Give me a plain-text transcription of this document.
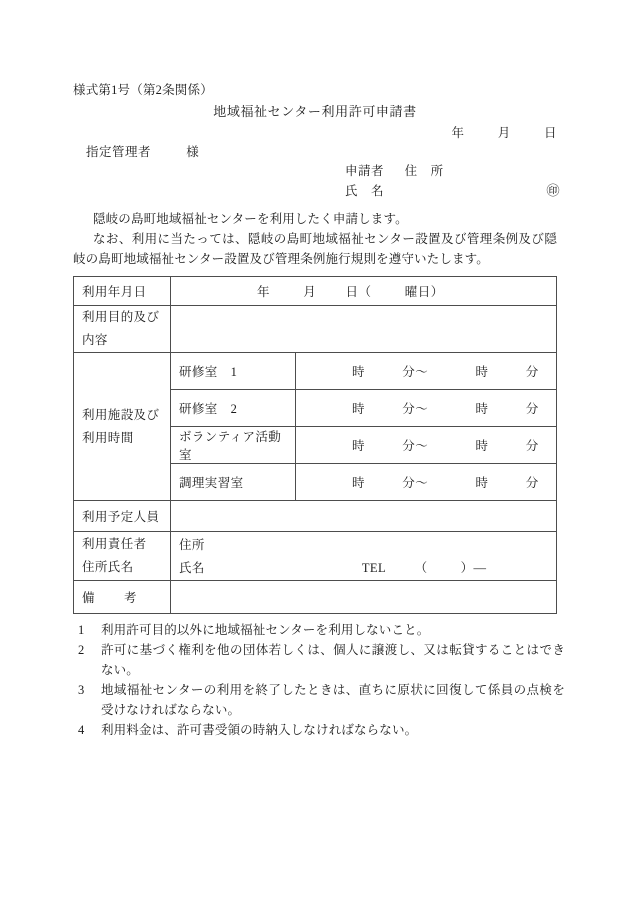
様式第1号（第2条関係）
地域福祉センター利用許可申請書
年	月	日
指定管理者	様
申請者 住　所
氏　名	㊞
隠岐の島町地域福祉センターを利用したく申請します。
なお、利用に当たっては、隠岐の島町地域福祉センター設置及び管理条例及び隠岐の島町地域福祉センター設置及び管理条例施行規則を遵守いたします。
利用年月日	年 月 日（ 曜日）	

利用目的及び
内容		

利用施設及び
利用時間	研修室　1	時 分〜 時 分

	研修室　2	時 分〜 時 分

	ボランティア活動室	時 分〜 時 分

	調理実習室	時 分〜 時 分

利用予定人員		

利用責任者
住所氏名

住所
氏名	TEL （	）—

備 考		
1	利用許可目的以外に地域福祉センターを利用しないこと。
2	許可に基づく権利を他の団体若しくは、個人に譲渡し、又は転貸することはできない。
3	地域福祉センターの利用を終了したときは、直ちに原状に回復して係員の点検を受けなければならない。
4	利用料金は、許可書受領の時納入しなければならない。
